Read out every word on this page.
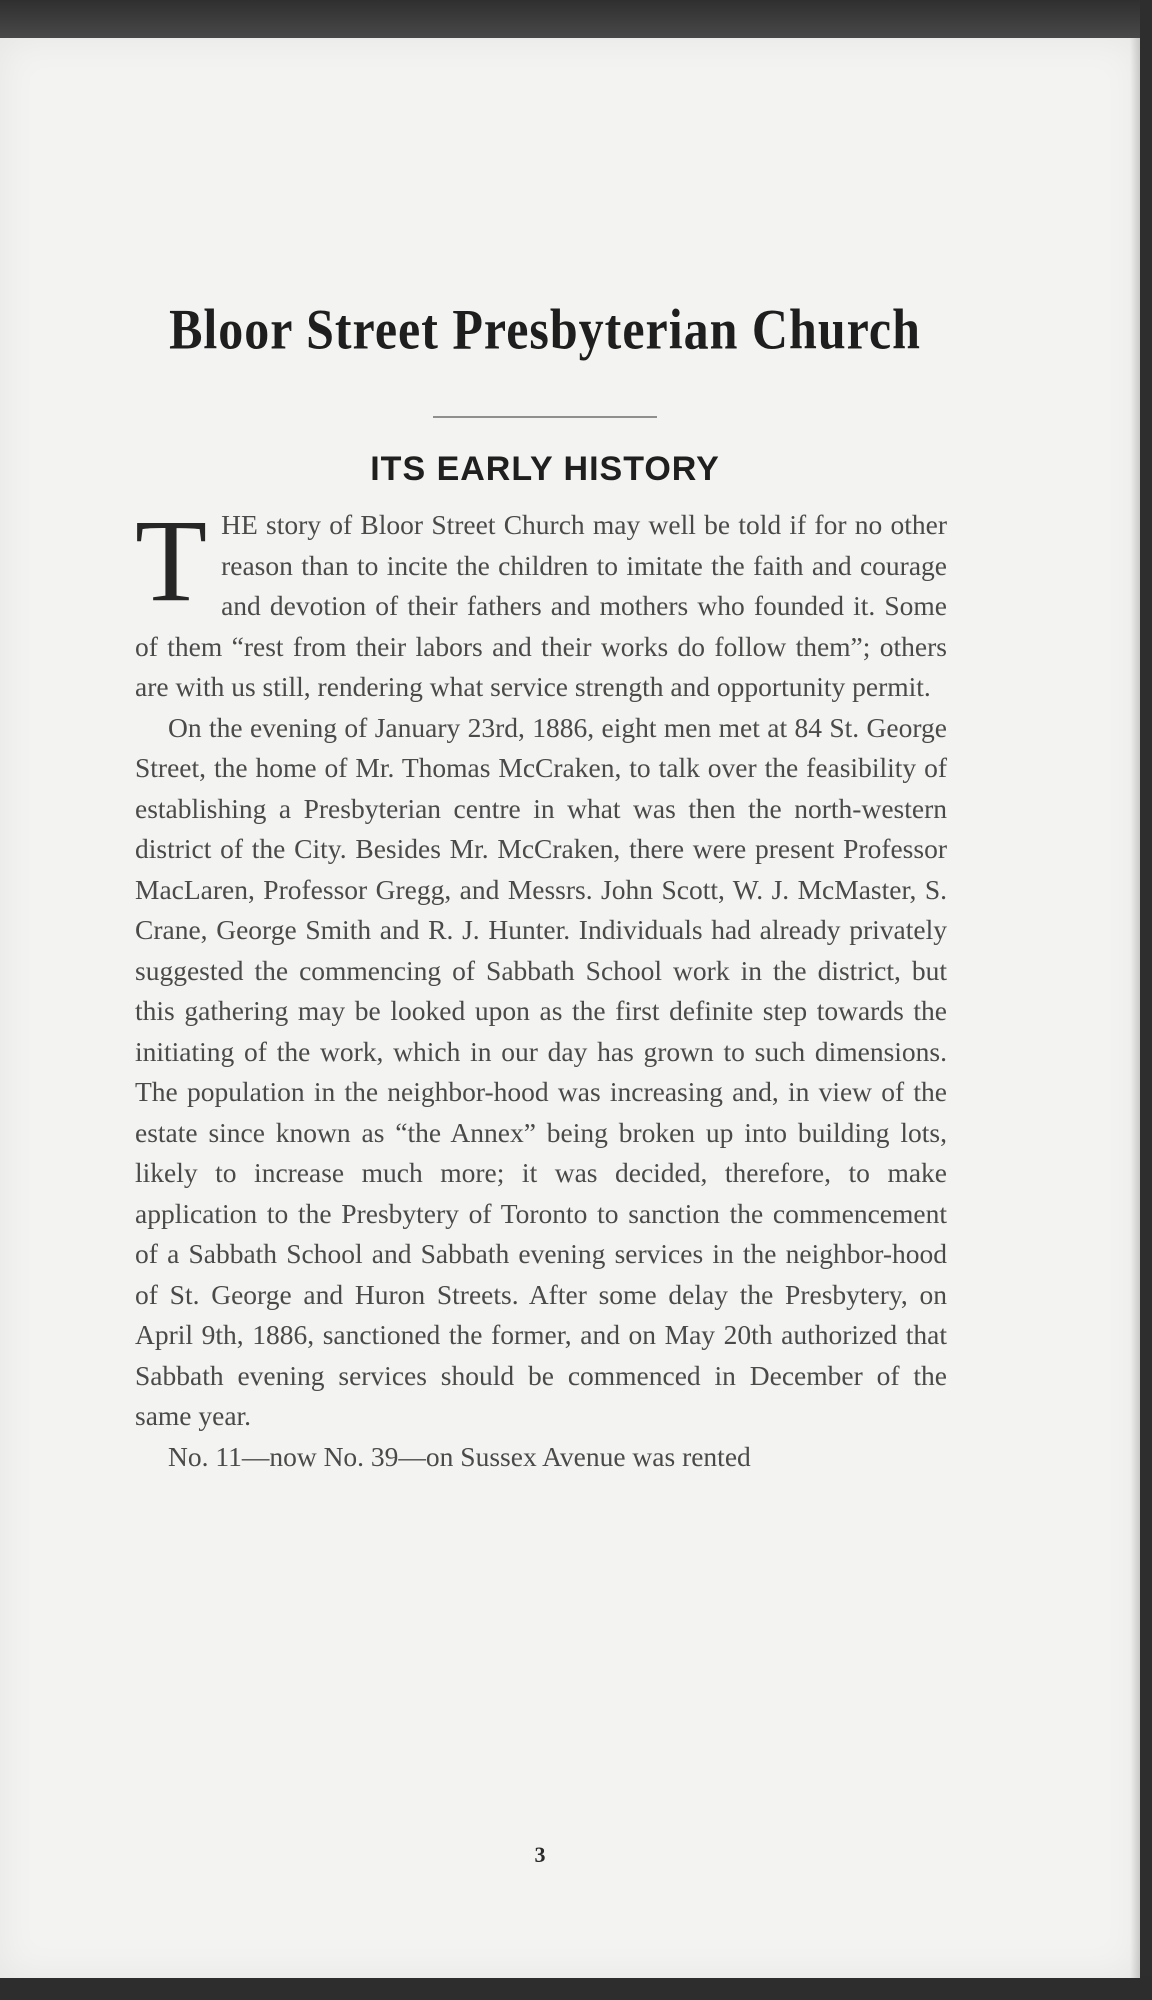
Bloor Street Presbyterian Church
ITS EARLY HISTORY

THE story of Bloor Street Church may well be told if for no other reason than to incite the children to imitate the faith and courage and devotion of their fathers and mothers who founded it. Some of them “rest from their labors and their works do follow them”; others are with us still, rendering what service strength and opportunity permit.

On the evening of January 23rd, 1886, eight men met at 84 St. George Street, the home of Mr. Thomas McCraken, to talk over the feasibility of establishing a Presbyterian centre in what was then the north-western district of the City. Besides Mr. McCraken, there were present Professor MacLaren, Professor Gregg, and Messrs. John Scott, W. J. McMaster, S. Crane, George Smith and R. J. Hunter. Individuals had already privately suggested the commencing of Sabbath School work in the district, but this gathering may be looked upon as the first definite step towards the initiating of the work, which in our day has grown to such dimensions. The population in the neighbor-hood was increasing and, in view of the estate since known as “the Annex” being broken up into building lots, likely to increase much more; it was decided, therefore, to make application to the Presbytery of Toronto to sanction the commencement of a Sabbath School and Sabbath evening services in the neighbor-hood of St. George and Huron Streets. After some delay the Presbytery, on April 9th, 1886, sanctioned the former, and on May 20th authorized that Sabbath evening services should be commenced in December of the same year.

No. 11—now No. 39—on Sussex Avenue was rented

3
